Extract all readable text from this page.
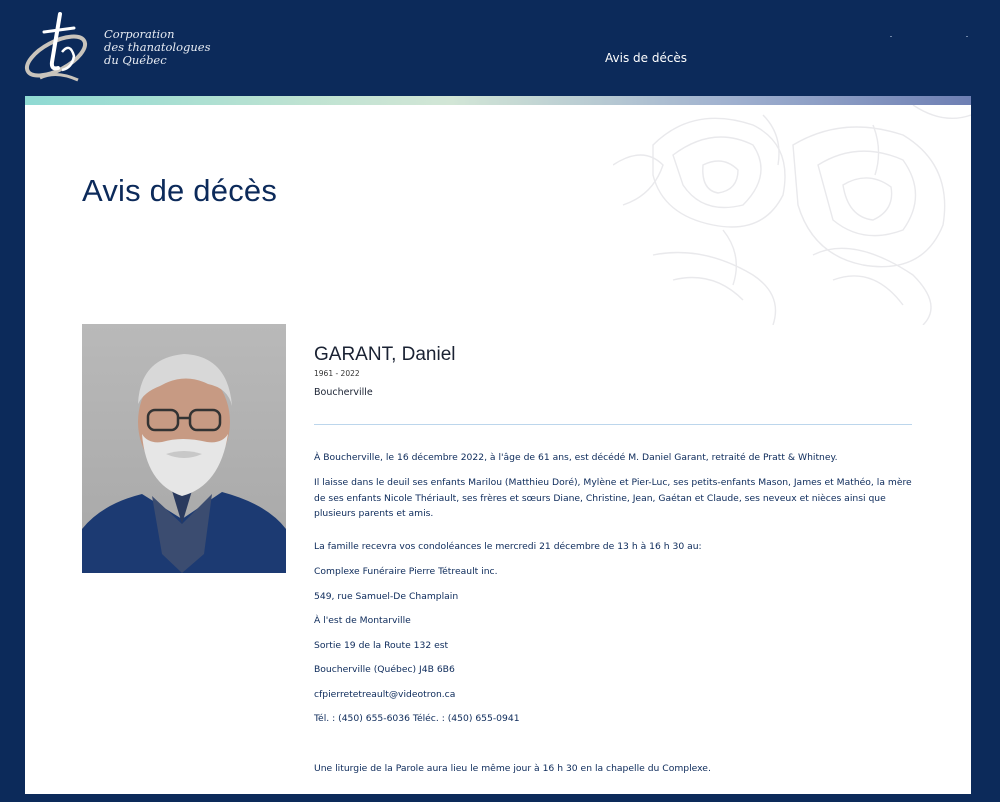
Corporation
des thanatologues
du Québec	Avis de décès
Avis de décès
GARANT, Daniel
1961 - 2022
Boucherville
À Boucherville, le 16 décembre 2022, à l'âge de 61 ans, est décédé M. Daniel Garant, retraité de Pratt & Whitney.
Il laisse dans le deuil ses enfants Marilou (Matthieu Doré), Mylène et Pier-Luc, ses petits-enfants Mason, James et Mathéo, la mère de ses enfants Nicole Thériault, ses frères et sœurs Diane, Christine, Jean, Gaétan et Claude, ses neveux et nièces ainsi que plusieurs parents et amis.
La famille recevra vos condoléances le mercredi 21 décembre de 13 h à 16 h 30 au:
Complexe Funéraire Pierre Tétreault inc.
549, rue Samuel-De Champlain
À l'est de Montarville
Sortie 19 de la Route 132 est
Boucherville (Québec) J4B 6B6
cfpierretetreault@videotron.ca
Tél. : (450) 655-6036 Téléc. : (450) 655-0941
Une liturgie de la Parole aura lieu le même jour à 16 h 30 en la chapelle du Complexe.
